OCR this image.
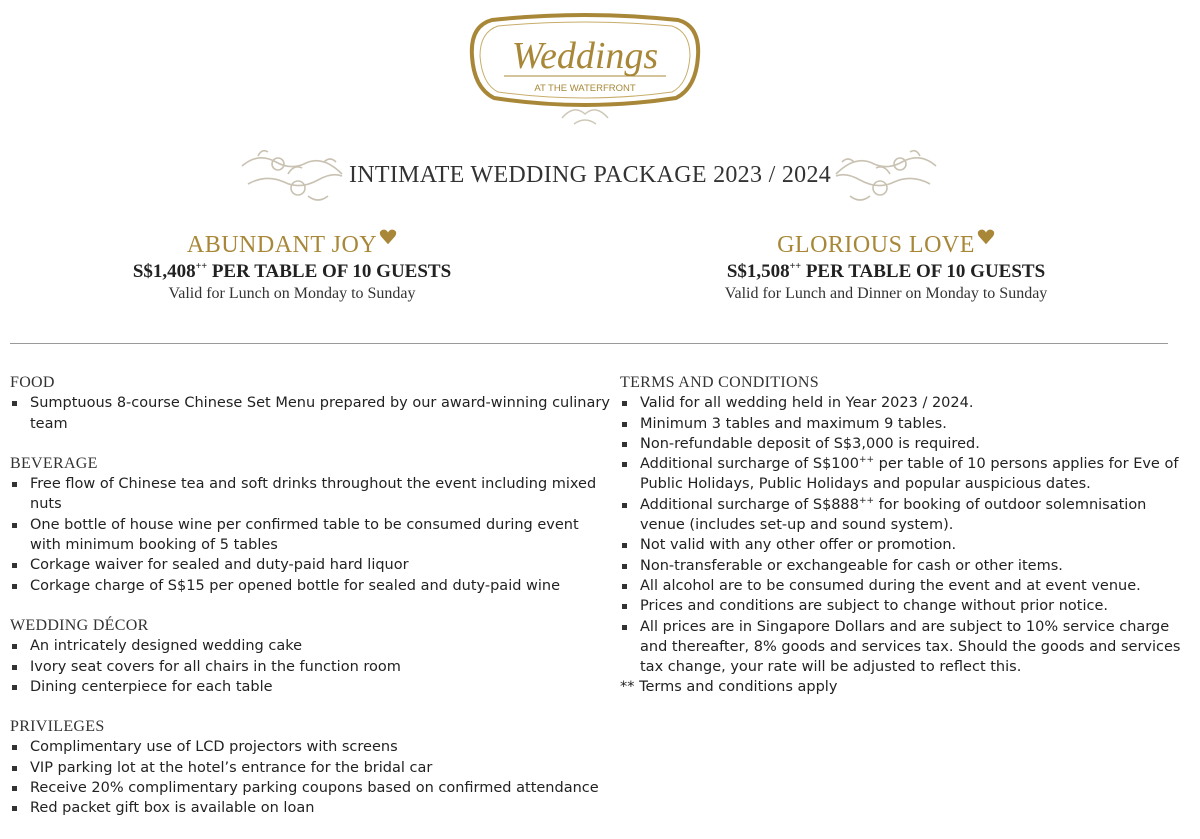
Weddings
AT THE WATERFRONT
INTIMATE WEDDING PACKAGE 2023 / 2024
ABUNDANT JOY
S$1,408++ PER TABLE OF 10 GUESTS
Valid for Lunch on Monday to Sunday
GLORIOUS LOVE
S$1,508++ PER TABLE OF 10 GUESTS
Valid for Lunch and Dinner on Monday to Sunday
FOOD
Sumptuous 8-course Chinese Set Menu prepared by our award-winning culinary team
BEVERAGE
Free flow of Chinese tea and soft drinks throughout the event including mixed nuts
One bottle of house wine per confirmed table to be consumed during event with minimum booking of 5 tables
Corkage waiver for sealed and duty-paid hard liquor
Corkage charge of S$15 per opened bottle for sealed and duty-paid wine
WEDDING DÉCOR
An intricately designed wedding cake
Ivory seat covers for all chairs in the function room
Dining centerpiece for each table
PRIVILEGES
Complimentary use of LCD projectors with screens
VIP parking lot at the hotel’s entrance for the bridal car
Receive 20% complimentary parking coupons based on confirmed attendance
Red packet gift box is available on loan
TERMS AND CONDITIONS
Valid for all wedding held in Year 2023 / 2024.
Minimum 3 tables and maximum 9 tables.
Non-refundable deposit of S$3,000 is required.
Additional surcharge of S$100++ per table of 10 persons applies for Eve of Public Holidays, Public Holidays and popular auspicious dates.
Additional surcharge of S$888++ for booking of outdoor solemnisation venue (includes set-up and sound system).
Not valid with any other offer or promotion.
Non-transferable or exchangeable for cash or other items.
All alcohol are to be consumed during the event and at event venue.
Prices and conditions are subject to change without prior notice.
All prices are in Singapore Dollars and are subject to 10% service charge and thereafter, 8% goods and services tax. Should the goods and services tax change, your rate will be adjusted to reflect this.
** Terms and conditions apply
